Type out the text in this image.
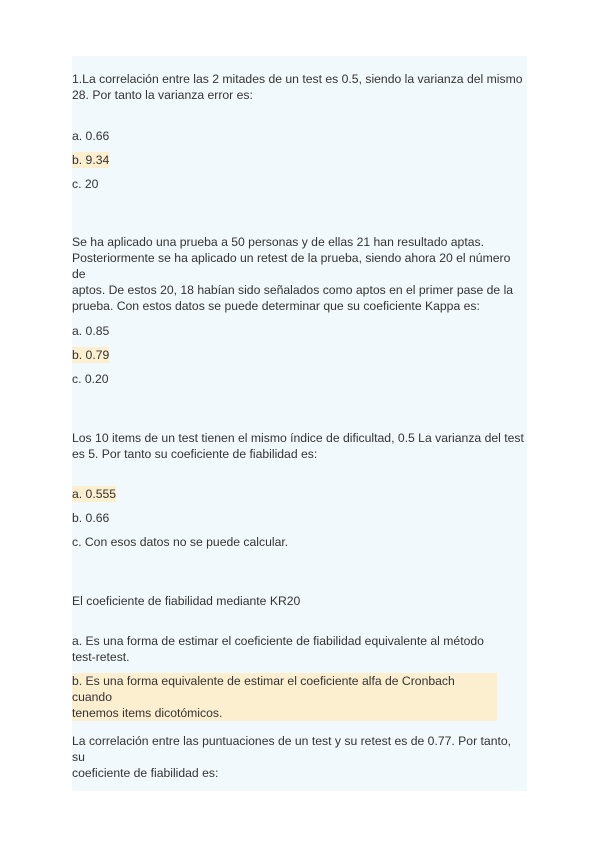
1.La correlación entre las 2 mitades de un test es 0.5, siendo la varianza del mismo
28. Por tanto la varianza error es:
a. 0.66
b. 9.34
c. 20
Se ha aplicado una prueba a 50 personas y de ellas 21 han resultado aptas.
Posteriormente se ha aplicado un retest de la prueba, siendo ahora 20 el número de
aptos. De estos 20, 18 habían sido señalados como aptos en el primer pase de la
prueba. Con estos datos se puede determinar que su coeficiente Kappa es:
a. 0.85
b. 0.79
c. 0.20
Los 10 items de un test tienen el mismo índice de dificultad, 0.5 La varianza del test
es 5. Por tanto su coeficiente de fiabilidad es:
a. 0.555
b. 0.66
c. Con esos datos no se puede calcular.
El coeficiente de fiabilidad mediante KR20
a. Es una forma de estimar el coeficiente de fiabilidad equivalente al método
test-retest.
b. Es una forma equivalente de estimar el coeficiente alfa de Cronbach cuando
tenemos items dicotómicos.
La correlación entre las puntuaciones de un test y su retest es de 0.77. Por tanto, su
coeficiente de fiabilidad es:
